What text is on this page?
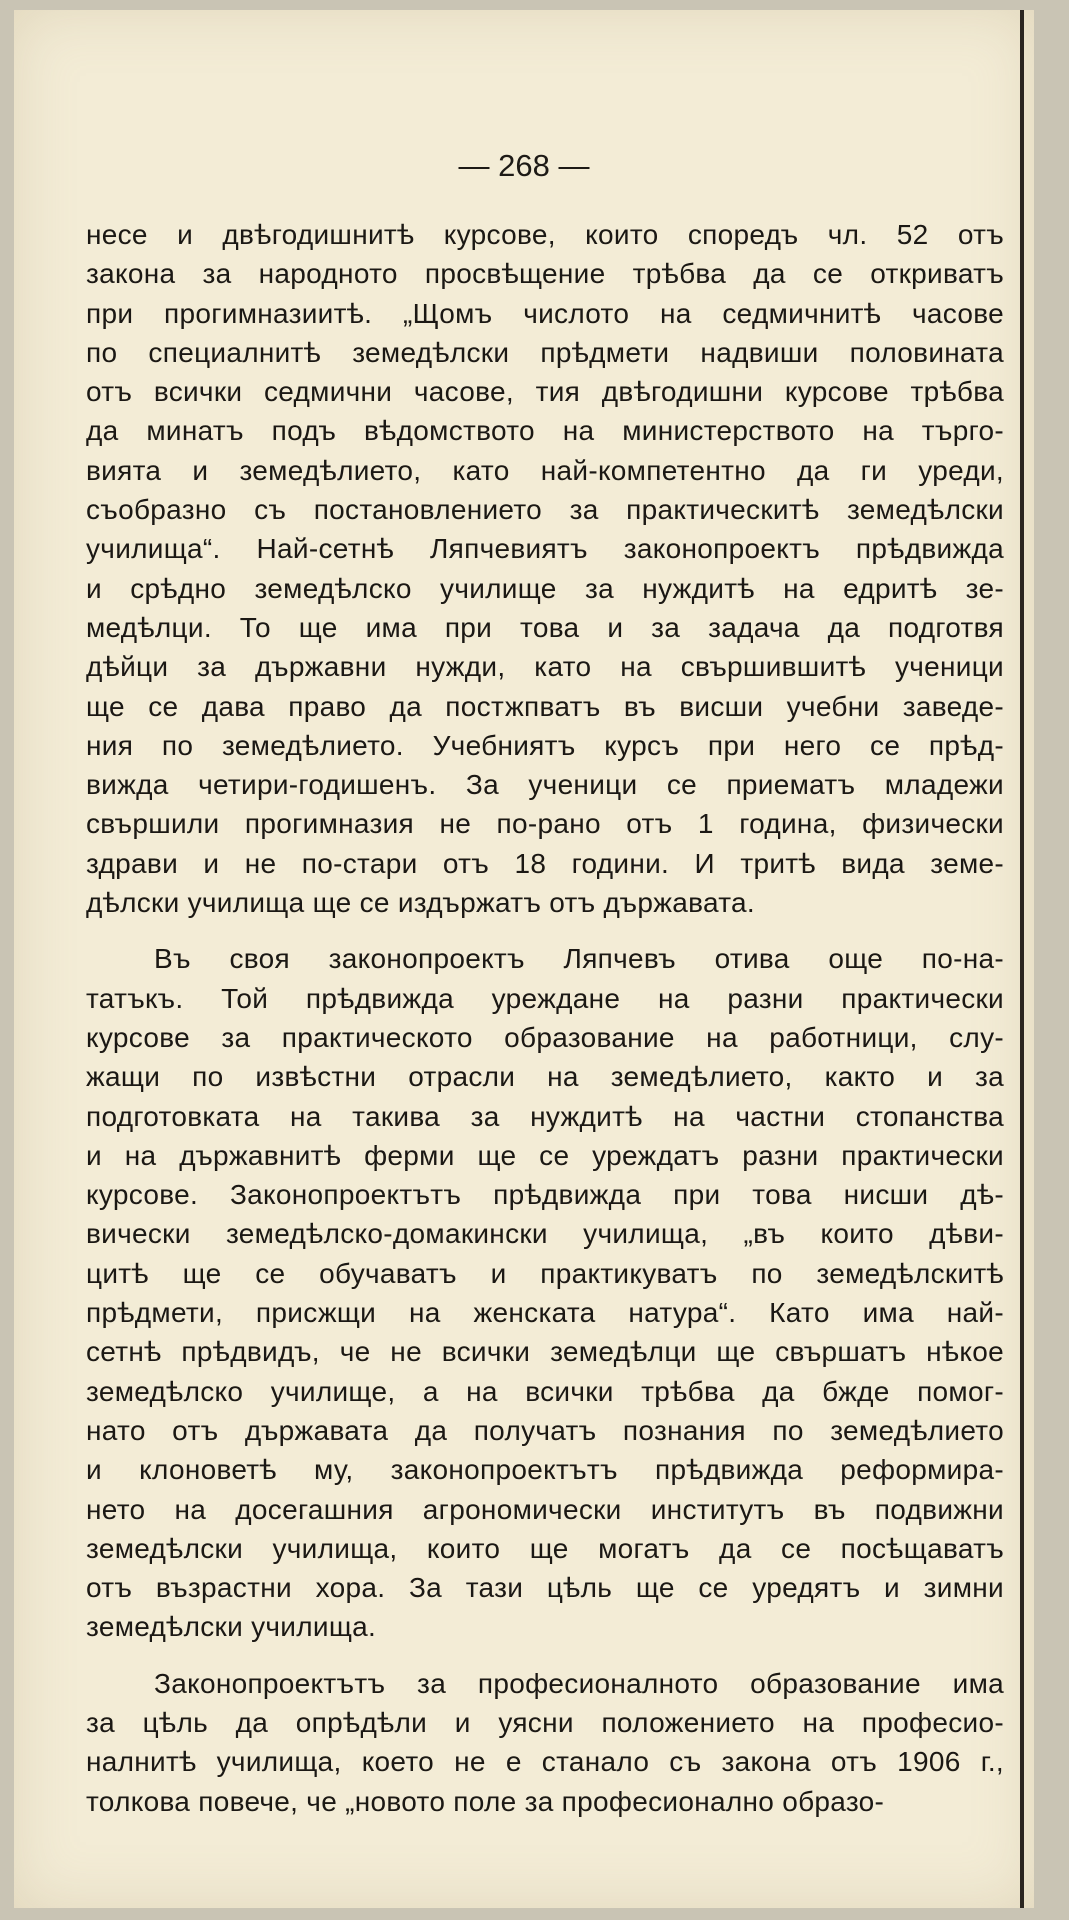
— 268 —
несе и двѣгодишнитѣ курсове, които споредъ чл. 52 отъ
закона за народното просвѣщение трѣбва да се откриватъ
при прогимназиитѣ. „Щомъ числото на седмичнитѣ часове
по специалнитѣ земедѣлски прѣдмети надвиши половината
отъ всички седмични часове, тия двѣгодишни курсове трѣбва
да минатъ подъ вѣдомството на министерството на търго-
вията и земедѣлието, като най-компетентно да ги уреди,
съобразно съ постановлението за практическитѣ земедѣлски
училища“. Най-сетнѣ Ляпчевиятъ законопроектъ прѣдвижда
и срѣдно земедѣлско училище за нуждитѣ на едритѣ зе-
медѣлци. То ще има при това и за задача да подготвя
дѣйци за държавни нужди, като на свършившитѣ ученици
ще се дава право да постжпватъ въ висши учебни заведе-
ния по земедѣлието. Учебниятъ курсъ при него се прѣд-
вижда четири-годишенъ. За ученици се приематъ младежи
свършили прогимназия не по-рано отъ 1 година, физически
здрави и не по-стари отъ 18 години. И тритѣ вида земе-
дѣлски училища ще се издържатъ отъ държавата.
Въ своя законопроектъ Ляпчевъ отива още по-на-
татъкъ. Той прѣдвижда уреждане на разни практически
курсове за практическото образование на работници, слу-
жащи по извѣстни отрасли на земедѣлието, както и за
подготовката на такива за нуждитѣ на частни стопанства
и на държавнитѣ ферми ще се уреждатъ разни практически
курсове. Законопроектътъ прѣдвижда при това нисши дѣ-
вически земедѣлско-домакински училища, „въ които дѣви-
цитѣ ще се обучаватъ и практикуватъ по земедѣлскитѣ
прѣдмети, присжщи на женската натура“. Като има най-
сетнѣ прѣдвидъ, че не всички земедѣлци ще свършатъ нѣкое
земедѣлско училище, а на всички трѣбва да бжде помог-
нато отъ държавата да получатъ познания по земедѣлието
и клоноветѣ му, законопроектътъ прѣдвижда реформира-
нето на досегашния агрономически институтъ въ подвижни
земедѣлски училища, които ще могатъ да се посѣщаватъ
отъ възрастни хора. За тази цѣль ще се уредятъ и зимни
земедѣлски училища.
Законопроектътъ за професионалното образование има
за цѣль да опрѣдѣли и уясни положението на професио-
налнитѣ училища, което не е станало съ закона отъ 1906 г.,
толкова повече, че „новото поле за професионално образо-
